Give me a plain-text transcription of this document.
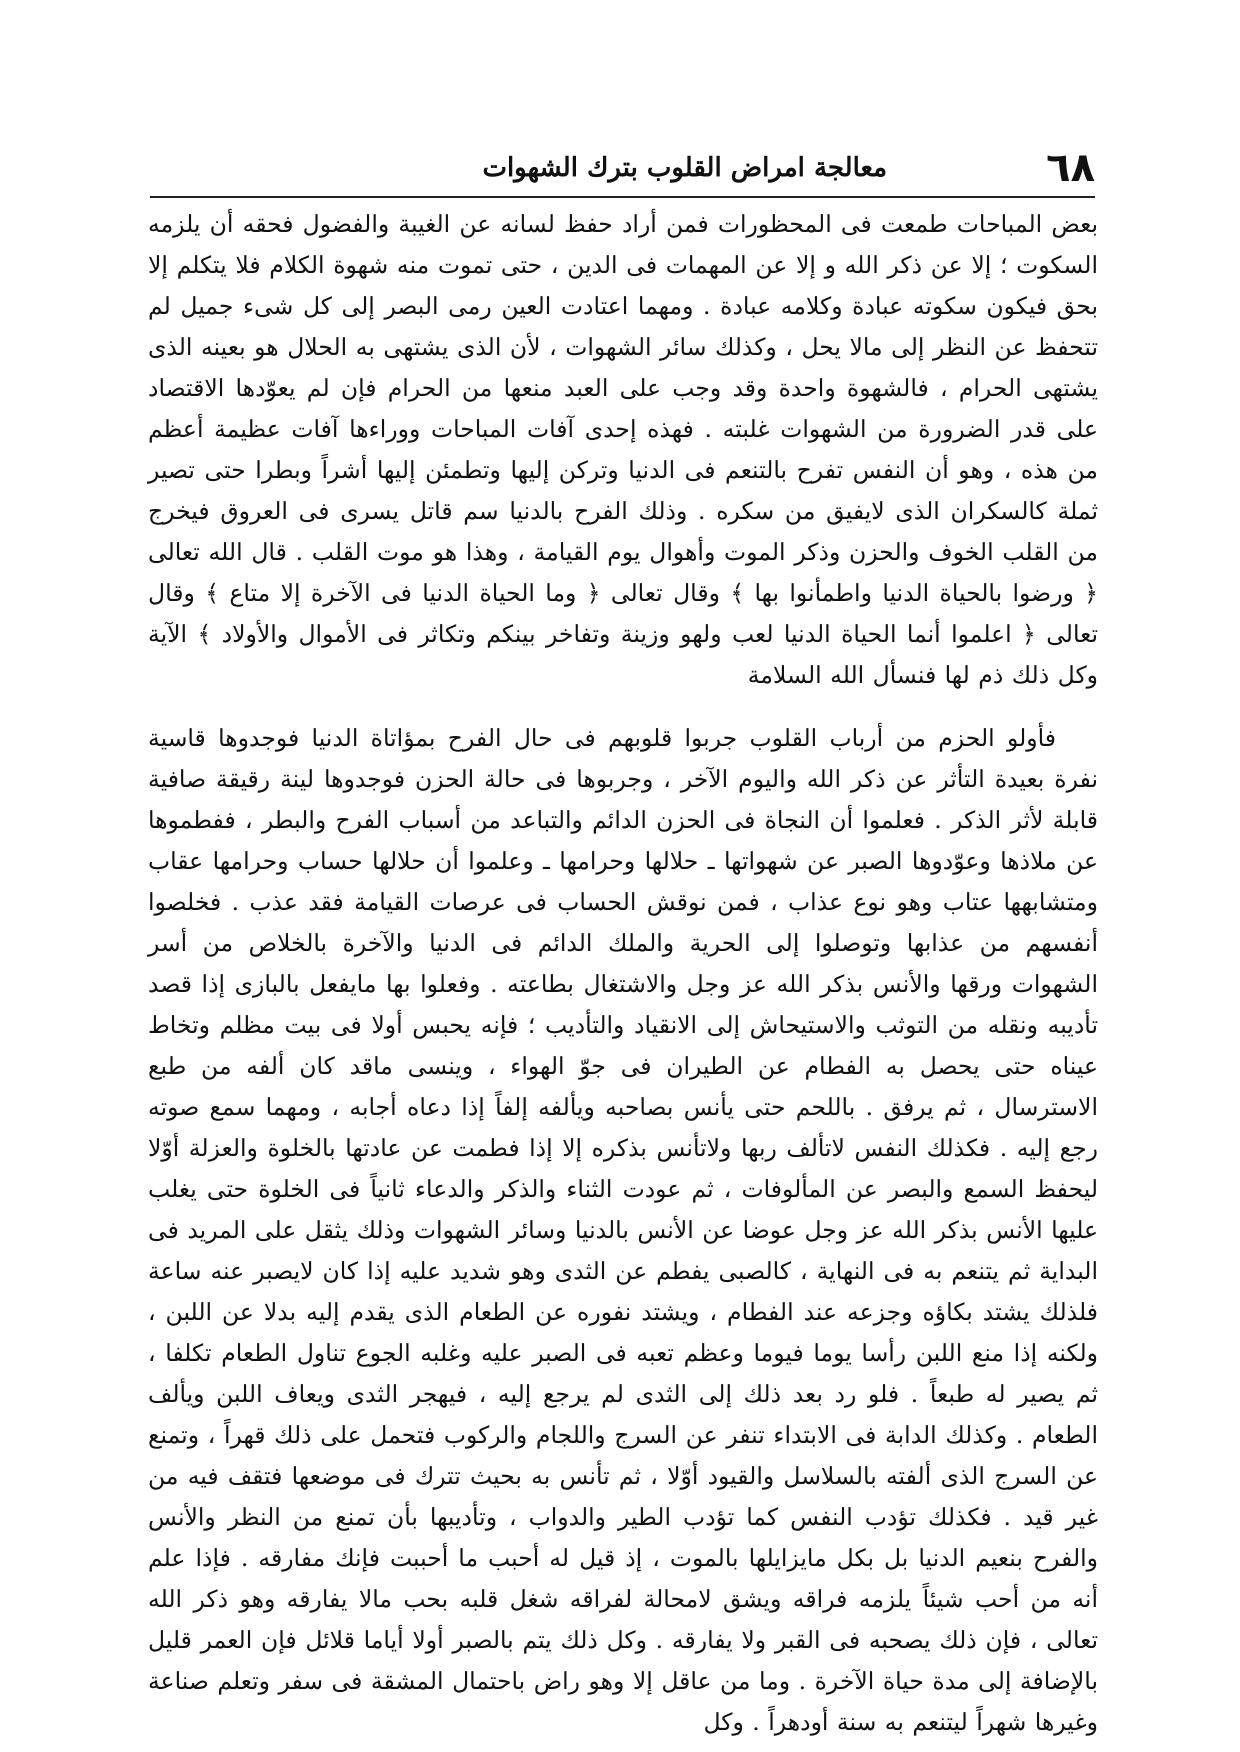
٦٨
معالجة امراض القلوب بترك الشهوات

بعض المباحات طمعت فى المحظورات فمن أراد حفظ لسانه عن الغيبة والفضول فحقه أن يلزمه السكوت ؛ إلا عن ذكر الله و إلا عن المهمات فى الدين ، حتى تموت منه شهوة الكلام فلا يتكلم إلا بحق فيكون سكوته عبادة وكلامه عبادة . ومهما اعتادت العين رمى البصر إلى كل شىء جميل لم تتحفظ عن النظر إلى مالا يحل ، وكذلك سائر الشهوات ، لأن الذى يشتهى به الحلال هو بعينه الذى يشتهى الحرام ، فالشهوة واحدة وقد وجب على العبد منعها من الحرام فإن لم يعوّدها الاقتصاد على قدر الضرورة من الشهوات غلبته . فهذه إحدى آفات المباحات ووراءها آفات عظيمة أعظم من هذه ، وهو أن النفس تفرح بالتنعم فى الدنيا وتركن إليها وتطمئن إليها أشراً وبطرا حتى تصير ثملة كالسكران الذى لايفيق من سكره . وذلك الفرح بالدنيا سم قاتل يسرى فى العروق فيخرج من القلب الخوف والحزن وذكر الموت وأهوال يوم القيامة ، وهذا هو موت القلب . قال الله تعالى ﴿ ورضوا بالحياة الدنيا واطمأنوا بها ﴾ وقال تعالى ﴿ وما الحياة الدنيا فى الآخرة إلا متاع ﴾ وقال تعالى ﴿ اعلموا أنما الحياة الدنيا لعب ولهو وزينة وتفاخر بينكم وتكاثر فى الأموال والأولاد ﴾ الآية وكل ذلك ذم لها فنسأل الله السلامة

فأولو الحزم من أرباب القلوب جربوا قلوبهم فى حال الفرح بمؤاتاة الدنيا فوجدوها قاسية نفرة بعيدة التأثر عن ذكر الله واليوم الآخر ، وجربوها فى حالة الحزن فوجدوها لينة رقيقة صافية قابلة لأثر الذكر . فعلموا أن النجاة فى الحزن الدائم والتباعد من أسباب الفرح والبطر ، ففطموها عن ملاذها وعوّدوها الصبر عن شهواتها ـ حلالها وحرامها ـ وعلموا أن حلالها حساب وحرامها عقاب ومتشابهها عتاب وهو نوع عذاب ، فمن نوقش الحساب فى عرصات القيامة فقد عذب . فخلصوا أنفسهم من عذابها وتوصلوا إلى الحرية والملك الدائم فى الدنيا والآخرة بالخلاص من أسر الشهوات ورقها والأنس بذكر الله عز وجل والاشتغال بطاعته . وفعلوا بها مايفعل بالبازى إذا قصد تأديبه ونقله من التوثب والاستيحاش إلى الانقياد والتأديب ؛ فإنه يحبس أولا فى بيت مظلم وتخاط عيناه حتى يحصل به الفطام عن الطيران فى جوّ الهواء ، وينسى ماقد كان ألفه من طبع الاسترسال ، ثم يرفق . باللحم حتى يأنس بصاحبه ويألفه إلفاً إذا دعاه أجابه ، ومهما سمع صوته رجع إليه . فكذلك النفس لاتألف ربها ولاتأنس بذكره إلا إذا فطمت عن عادتها بالخلوة والعزلة أوّلا ليحفظ السمع والبصر عن المألوفات ، ثم عودت الثناء والذكر والدعاء ثانياً فى الخلوة حتى يغلب عليها الأنس بذكر الله عز وجل عوضا عن الأنس بالدنيا وسائر الشهوات وذلك يثقل على المريد فى البداية ثم يتنعم به فى النهاية ، كالصبى يفطم عن الثدى وهو شديد عليه إذا كان لايصبر عنه ساعة فلذلك يشتد بكاؤه وجزعه عند الفطام ، ويشتد نفوره عن الطعام الذى يقدم إليه بدلا عن اللبن ، ولكنه إذا منع اللبن رأسا يوما فيوما وعظم تعبه فى الصبر عليه وغلبه الجوع تناول الطعام تكلفا ، ثم يصير له طبعاً . فلو رد بعد ذلك إلى الثدى لم يرجع إليه ، فيهجر الثدى ويعاف اللبن ويألف الطعام . وكذلك الدابة فى الابتداء تنفر عن السرج واللجام والركوب فتحمل على ذلك قهراً ، وتمنع عن السرج الذى ألفته بالسلاسل والقيود أوّلا ، ثم تأنس به بحيث تترك فى موضعها فتقف فيه من غير قيد . فكذلك تؤدب النفس كما تؤدب الطير والدواب ، وتأديبها بأن تمنع من النظر والأنس والفرح بنعيم الدنيا بل بكل مايزايلها بالموت ، إذ قيل له أحبب ما أحببت فإنك مفارقه . فإذا علم أنه من أحب شيئاً يلزمه فراقه ويشق لامحالة لفراقه شغل قلبه بحب مالا يفارقه وهو ذكر الله تعالى ، فإن ذلك يصحبه فى القبر ولا يفارقه . وكل ذلك يتم بالصبر أولا أياما قلائل فإن العمر قليل بالإضافة إلى مدة حياة الآخرة . وما من عاقل إلا وهو راض باحتمال المشقة فى سفر وتعلم صناعة وغيرها شهراً ليتنعم به سنة أودهراً . وكل
